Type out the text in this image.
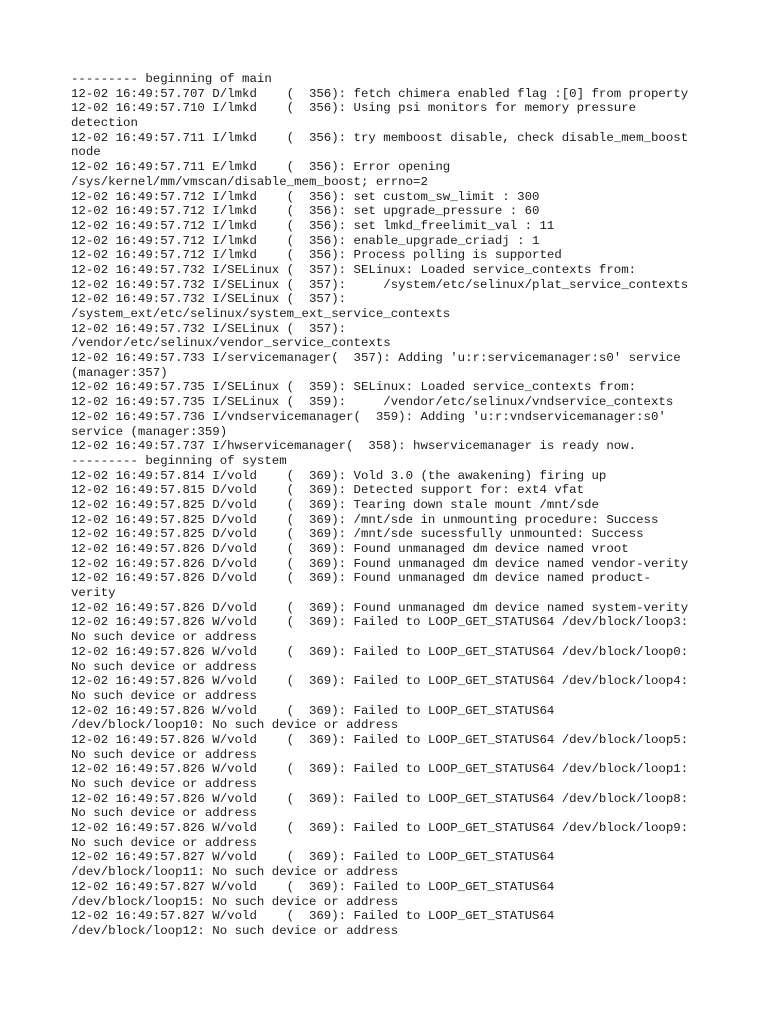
--------- beginning of main
12-02 16:49:57.707 D/lmkd    (  356): fetch chimera enabled flag :[0] from property
12-02 16:49:57.710 I/lmkd    (  356): Using psi monitors for memory pressure
detection
12-02 16:49:57.711 I/lmkd    (  356): try memboost disable, check disable_mem_boost
node
12-02 16:49:57.711 E/lmkd    (  356): Error opening
/sys/kernel/mm/vmscan/disable_mem_boost; errno=2
12-02 16:49:57.712 I/lmkd    (  356): set custom_sw_limit : 300
12-02 16:49:57.712 I/lmkd    (  356): set upgrade_pressure : 60
12-02 16:49:57.712 I/lmkd    (  356): set lmkd_freelimit_val : 11
12-02 16:49:57.712 I/lmkd    (  356): enable_upgrade_criadj : 1
12-02 16:49:57.712 I/lmkd    (  356): Process polling is supported
12-02 16:49:57.732 I/SELinux (  357): SELinux: Loaded service_contexts from:
12-02 16:49:57.732 I/SELinux (  357):     /system/etc/selinux/plat_service_contexts
12-02 16:49:57.732 I/SELinux (  357):
/system_ext/etc/selinux/system_ext_service_contexts
12-02 16:49:57.732 I/SELinux (  357):
/vendor/etc/selinux/vendor_service_contexts
12-02 16:49:57.733 I/servicemanager(  357): Adding 'u:r:servicemanager:s0' service
(manager:357)
12-02 16:49:57.735 I/SELinux (  359): SELinux: Loaded service_contexts from:
12-02 16:49:57.735 I/SELinux (  359):     /vendor/etc/selinux/vndservice_contexts
12-02 16:49:57.736 I/vndservicemanager(  359): Adding 'u:r:vndservicemanager:s0'
service (manager:359)
12-02 16:49:57.737 I/hwservicemanager(  358): hwservicemanager is ready now.
--------- beginning of system
12-02 16:49:57.814 I/vold    (  369): Vold 3.0 (the awakening) firing up
12-02 16:49:57.815 D/vold    (  369): Detected support for: ext4 vfat
12-02 16:49:57.825 D/vold    (  369): Tearing down stale mount /mnt/sde
12-02 16:49:57.825 D/vold    (  369): /mnt/sde in unmounting procedure: Success
12-02 16:49:57.825 D/vold    (  369): /mnt/sde sucessfully unmounted: Success
12-02 16:49:57.826 D/vold    (  369): Found unmanaged dm device named vroot
12-02 16:49:57.826 D/vold    (  369): Found unmanaged dm device named vendor-verity
12-02 16:49:57.826 D/vold    (  369): Found unmanaged dm device named product-
verity
12-02 16:49:57.826 D/vold    (  369): Found unmanaged dm device named system-verity
12-02 16:49:57.826 W/vold    (  369): Failed to LOOP_GET_STATUS64 /dev/block/loop3:
No such device or address
12-02 16:49:57.826 W/vold    (  369): Failed to LOOP_GET_STATUS64 /dev/block/loop0:
No such device or address
12-02 16:49:57.826 W/vold    (  369): Failed to LOOP_GET_STATUS64 /dev/block/loop4:
No such device or address
12-02 16:49:57.826 W/vold    (  369): Failed to LOOP_GET_STATUS64
/dev/block/loop10: No such device or address
12-02 16:49:57.826 W/vold    (  369): Failed to LOOP_GET_STATUS64 /dev/block/loop5:
No such device or address
12-02 16:49:57.826 W/vold    (  369): Failed to LOOP_GET_STATUS64 /dev/block/loop1:
No such device or address
12-02 16:49:57.826 W/vold    (  369): Failed to LOOP_GET_STATUS64 /dev/block/loop8:
No such device or address
12-02 16:49:57.826 W/vold    (  369): Failed to LOOP_GET_STATUS64 /dev/block/loop9:
No such device or address
12-02 16:49:57.827 W/vold    (  369): Failed to LOOP_GET_STATUS64
/dev/block/loop11: No such device or address
12-02 16:49:57.827 W/vold    (  369): Failed to LOOP_GET_STATUS64
/dev/block/loop15: No such device or address
12-02 16:49:57.827 W/vold    (  369): Failed to LOOP_GET_STATUS64
/dev/block/loop12: No such device or address
